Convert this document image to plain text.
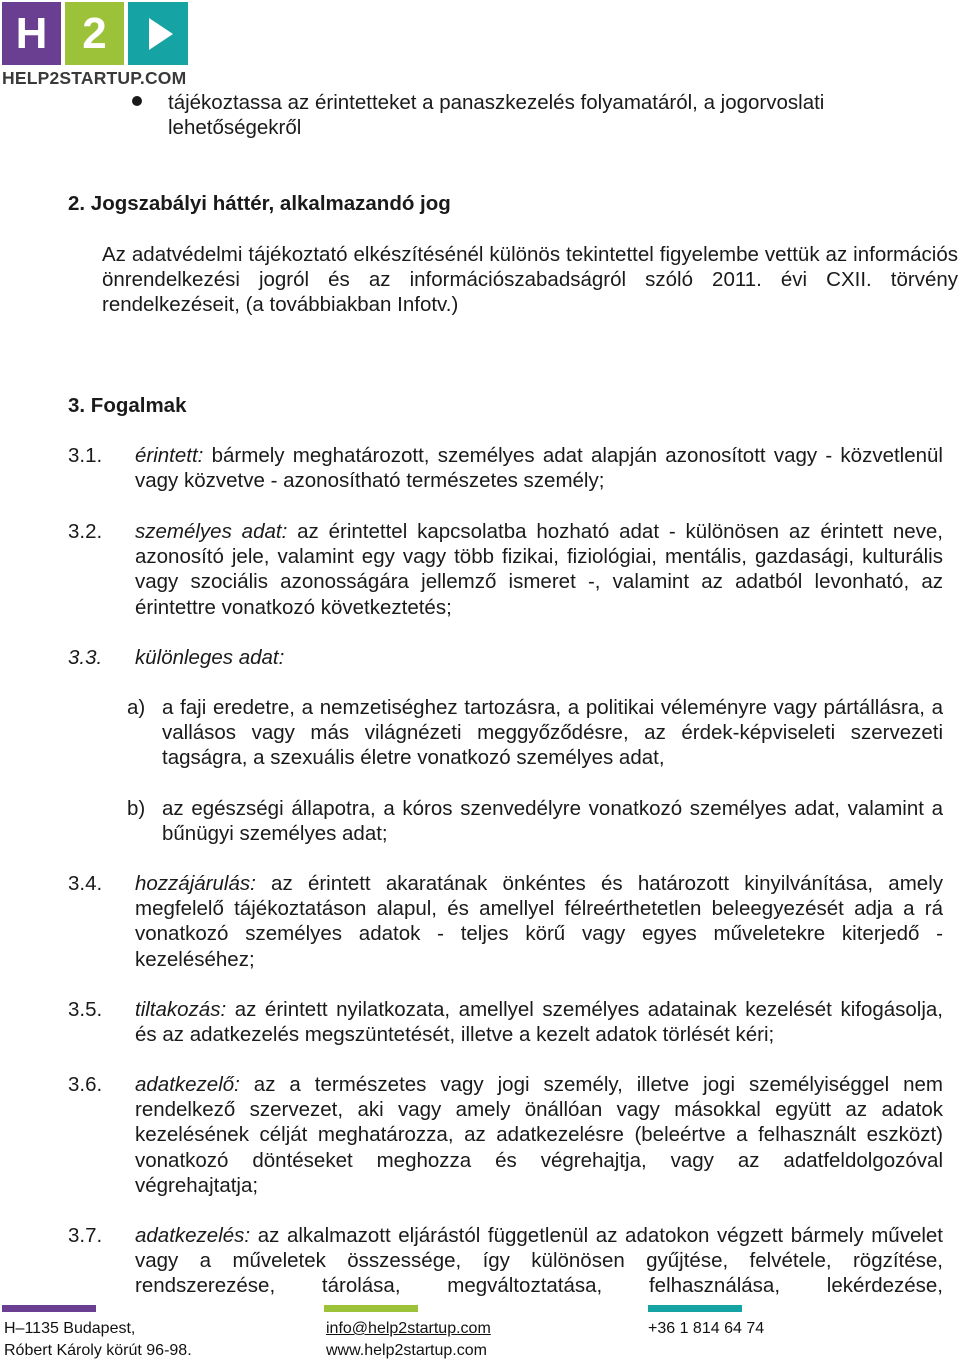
H 2
HELP2STARTUP.COM
tájékoztassa az érintetteket a panaszkezelés folyamatáról, a jogorvoslati lehetőségekről
2. Jogszabályi háttér, alkalmazandó jog
Az adatvédelmi tájékoztató elkészítésénél különös tekintettel figyelembe vettük az információs önrendelkezési jogról és az információszabadságról szóló 2011. évi CXII. törvény rendelkezéseit, (a továbbiakban Infotv.)
3. Fogalmak
3.1. érintett: bármely meghatározott, személyes adat alapján azonosított vagy - közvetlenül vagy közvetve - azonosítható természetes személy;
3.2. személyes adat: az érintettel kapcsolatba hozható adat - különösen az érintett neve, azonosító jele, valamint egy vagy több fizikai, fiziológiai, mentális, gazdasági, kulturális vagy szociális azonosságára jellemző ismeret -, valamint az adatból levonható, az érintettre vonatkozó következtetés;
3.3. különleges adat:
a) a faji eredetre, a nemzetiséghez tartozásra, a politikai véleményre vagy pártállásra, a vallásos vagy más világnézeti meggyőződésre, az érdek-képviseleti szervezeti tagságra, a szexuális életre vonatkozó személyes adat,
b) az egészségi állapotra, a kóros szenvedélyre vonatkozó személyes adat, valamint a bűnügyi személyes adat;
3.4. hozzájárulás: az érintett akaratának önkéntes és határozott kinyilvánítása, amely megfelelő tájékoztatáson alapul, és amellyel félreérthetetlen beleegyezését adja a rá vonatkozó személyes adatok - teljes körű vagy egyes műveletekre kiterjedő - kezeléséhez;
3.5. tiltakozás: az érintett nyilatkozata, amellyel személyes adatainak kezelését kifogásolja, és az adatkezelés megszüntetését, illetve a kezelt adatok törlését kéri;
3.6. adatkezelő: az a természetes vagy jogi személy, illetve jogi személyiséggel nem rendelkező szervezet, aki vagy amely önállóan vagy másokkal együtt az adatok kezelésének célját meghatározza, az adatkezelésre (beleértve a felhasznált eszközt) vonatkozó döntéseket meghozza és végrehajtja, vagy az adatfeldolgozóval végrehajtatja;
3.7. adatkezelés: az alkalmazott eljárástól függetlenül az adatokon végzett bármely művelet vagy a műveletek összessége, így különösen gyűjtése, felvétele, rögzítése, rendszerezése, tárolása, megváltoztatása, felhasználása, lekérdezése,
H–1135 Budapest,
Róbert Károly körút 96-98.
info@help2startup.com
www.help2startup.com
+36 1 814 64 74
